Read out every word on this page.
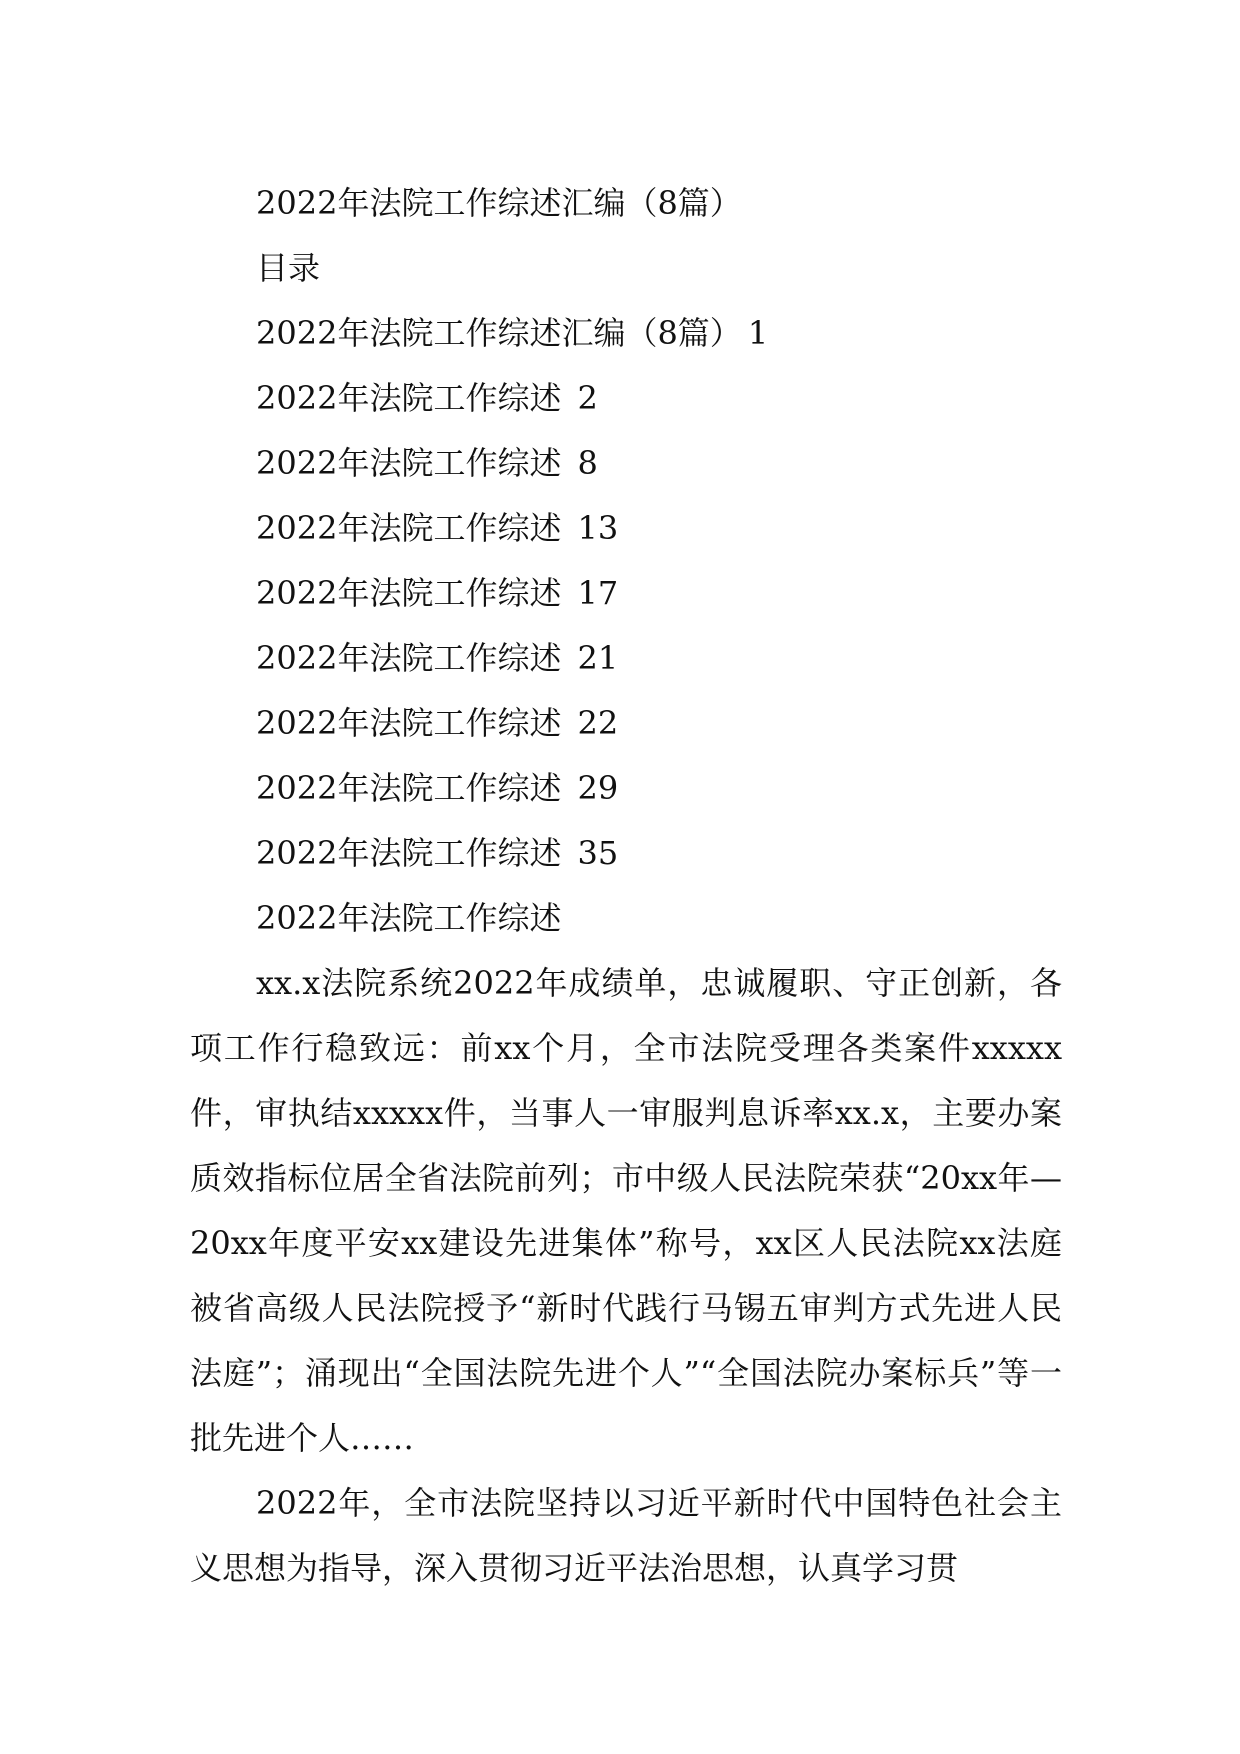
2022年法院工作综述汇编（8篇）
目录
2022年法院工作综述汇编（8篇） 1
2022年法院工作综述 2
2022年法院工作综述 8
2022年法院工作综述 13
2022年法院工作综述 17
2022年法院工作综述 21
2022年法院工作综述 22
2022年法院工作综述 29
2022年法院工作综述 35
2022年法院工作综述

xx.x法院系统2022年成绩单，忠诚履职、守正创新，各项工作行稳致远：前xx个月，全市法院受理各类案件xxxxx件，审执结xxxxx件，当事人一审服判息诉率xx.x，主要办案质效指标位居全省法院前列；市中级人民法院荣获“20xx年—20xx年度平安xx建设先进集体”称号，xx区人民法院xx法庭被省高级人民法院授予“新时代践行马锡五审判方式先进人民法庭”；涌现出“全国法院先进个人”“全国法院办案标兵”等一批先进个人……

2022年，全市法院坚持以习近平新时代中国特色社会主义思想为指导，深入贯彻习近平法治思想，认真学习贯
